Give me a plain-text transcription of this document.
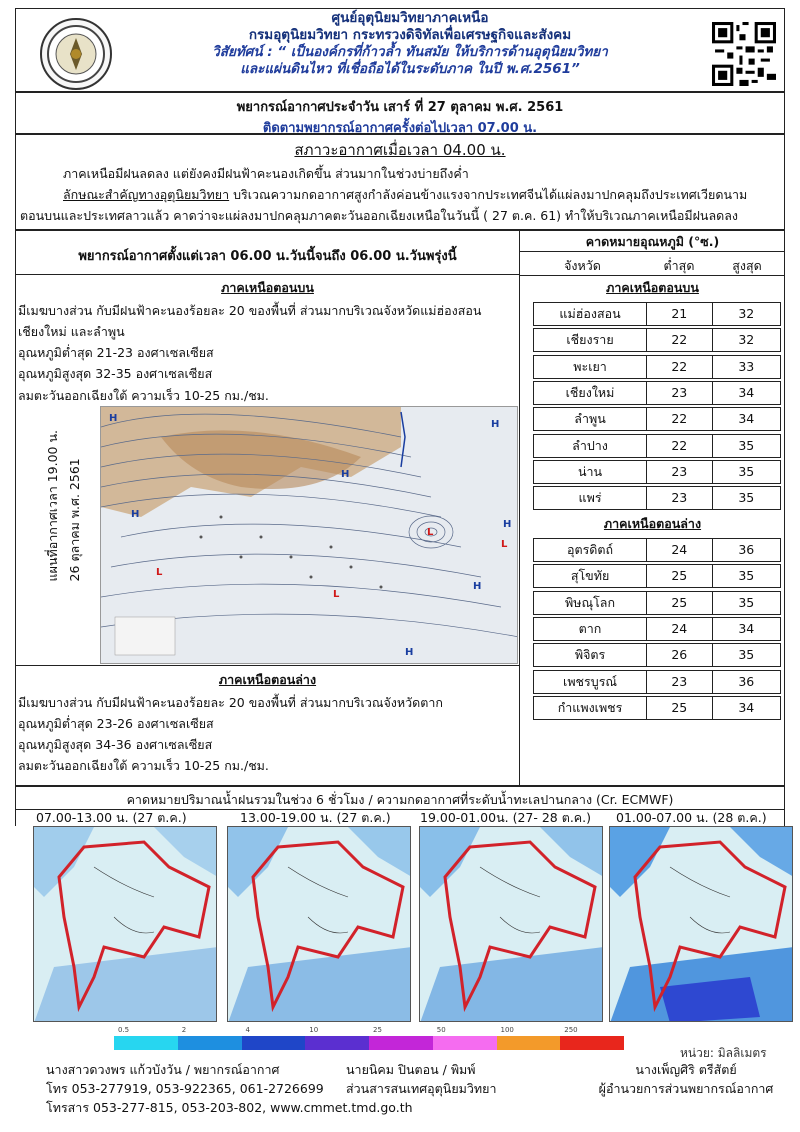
ศูนย์อุตุนิยมวิทยาภาคเหนือ
กรมอุตุนิยมวิทยา กระทรวงดิจิทัลเพื่อเศรษฐกิจและสังคม
วิสัยทัศน์ : “ เป็นองค์กรที่ก้าวล้ำ ทันสมัย ให้บริการด้านอุตุนิยมวิทยา
และแผ่นดินไหว ที่เชื่อถือได้ในระดับภาค ในปี พ.ศ.2561”
พยากรณ์อากาศประจำวัน เสาร์ ที่ 27 ตุลาคม พ.ศ. 2561
ติดตามพยากรณ์อากาศครั้งต่อไปเวลา 07.00 น.
สภาวะอากาศเมื่อเวลา 04.00 น.
ภาคเหนือมีฝนลดลง แต่ยังคงมีฝนฟ้าคะนองเกิดขึ้น ส่วนมากในช่วงบ่ายถึงค่ำ
ลักษณะสำคัญทางอุตุนิยมวิทยา บริเวณความกดอากาศสูงกำลังค่อนข้างแรงจากประเทศจีนได้แผ่ลงมาปกคลุมถึงประเทศเวียดนาม
ตอนบนและประเทศลาวแล้ว คาดว่าจะแผ่ลงมาปกคลุมภาคตะวันออกเฉียงเหนือในวันนี้ ( 27 ต.ค. 61) ทำให้บริเวณภาคเหนือมีฝนลดลง
พยากรณ์อากาศตั้งแต่เวลา 06.00 น.วันนี้จนถึง 06.00 น.วันพรุ่งนี้
ภาคเหนือตอนบน
มีเมฆบางส่วน กับมีฝนฟ้าคะนองร้อยละ 20 ของพื้นที่ ส่วนมากบริเวณจังหวัดแม่ฮ่องสอน
เชียงใหม่ และลำพูน
อุณหภูมิต่ำสุด 21-23 องศาเซลเซียส
อุณหภูมิสูงสุด 32-35 องศาเซลเซียส
ลมตะวันออกเฉียงใต้ ความเร็ว 10-25 กม./ชม.
แผนที่อากาศเวลา 19.00 น. 26 ตุลาคม พ.ศ. 2561
H
H
H
H
H
H
H
L
L
L
L
ภาคเหนือตอนล่าง
มีเมฆบางส่วน กับมีฝนฟ้าคะนองร้อยละ 20 ของพื้นที่ ส่วนมากบริเวณจังหวัดตาก
อุณหภูมิต่ำสุด 23-26 องศาเซลเซียส
อุณหภูมิสูงสุด 34-36 องศาเซลเซียส
ลมตะวันออกเฉียงใต้ ความเร็ว 10-25 กม./ชม.
คาดหมายอุณหภูมิ (°ซ.)
จังหวัด	ต่ำสุด	สูงสุด
ภาคเหนือตอนบน
แม่ฮ่องสอน	21	32
เชียงราย	22	32
พะเยา	22	33
เชียงใหม่	23	34
ลำพูน	22	34
ลำปาง	22	35
น่าน	23	35
แพร่	23	35
ภาคเหนือตอนล่าง
อุตรดิตถ์	24	36
สุโขทัย	25	35
พิษณุโลก	25	35
ตาก	24	34
พิจิตร	26	35
เพชรบูรณ์	23	36
กำแพงเพชร	25	34
คาดหมายปริมาณน้ำฝนรวมในช่วง 6 ชั่วโมง / ความกดอากาศที่ระดับน้ำทะเลปานกลาง (Cr. ECMWF)
07.00-13.00 น. (27 ต.ค.)	13.00-19.00 น. (27 ต.ค.) 19.00-01.00น. (27- 28 ต.ค.) 01.00-07.00 น. (28 ต.ค.)
0.5	2	4	10	25	50	100	250
หน่วย: มิลลิเมตร
นางสาวดวงพร แก้วบังวัน / พยากรณ์อากาศ	นายนิคม ปินตอน / พิมพ์	นางเพ็ญศิริ ตรีสัตย์
โทร 053-277919, 053-922365, 061-2726699	ส่วนสารสนเทศอุตุนิยมวิทยา	ผู้อำนวยการส่วนพยากรณ์อากาศ
โทรสาร 053-277-815, 053-203-802, www.cmmet.tmd.go.th
